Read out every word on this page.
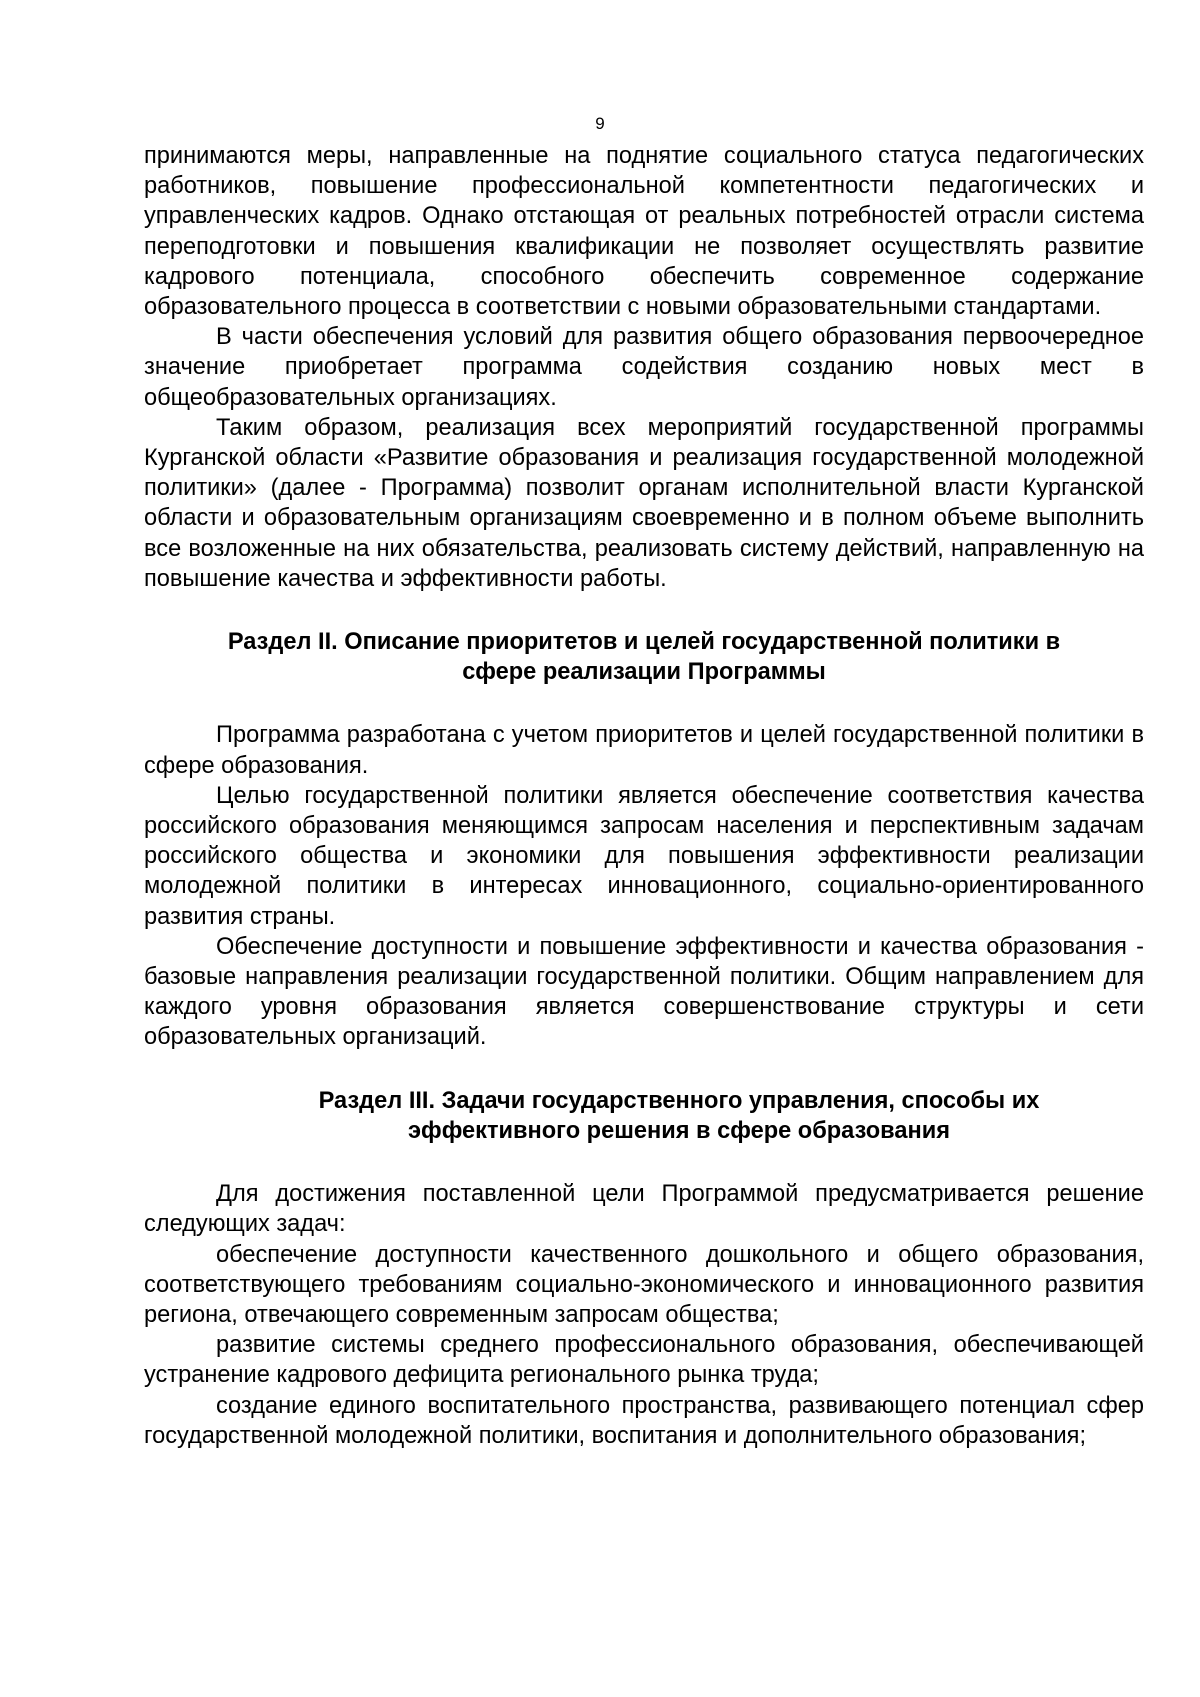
9

принимаются меры, направленные на поднятие социального статуса педагогических работников, повышение профессиональной компетентности педагогических и управленческих кадров. Однако отстающая от реальных потребностей отрасли система переподготовки и повышения квалификации не позволяет осуществлять развитие кадрового потенциала, способного обеспечить современное содержание образовательного процесса в соответствии с новыми образовательными стандартами.

В части обеспечения условий для развития общего образования первоочередное значение приобретает программа содействия созданию новых мест в общеобразовательных организациях.

Таким образом, реализация всех мероприятий государственной программы Курганской области «Развитие образования и реализация государственной молодежной политики» (далее - Программа) позволит органам исполнительной власти Курганской области и образовательным организациям своевременно и в полном объеме выполнить все возложенные на них обязательства, реализовать систему действий, направленную на повышение качества и эффективности работы.

Раздел II. Описание приоритетов и целей государственной политики в
сфере реализации Программы

Программа разработана с учетом приоритетов и целей государственной политики в сфере образования.

Целью государственной политики является обеспечение соответствия качества российского образования меняющимся запросам населения и перспективным задачам российского общества и экономики для повышения эффективности реализации молодежной политики в интересах инновационного, социально-ориентированного развития страны.

Обеспечение доступности и повышение эффективности и качества образования - базовые направления реализации государственной политики. Общим направлением для каждого уровня образования является совершенствование структуры и сети образовательных организаций.

Раздел III. Задачи государственного управления, способы их
эффективного решения в сфере образования

Для достижения поставленной цели Программой предусматривается решение следующих задач:

обеспечение доступности качественного дошкольного и общего образования, соответствующего требованиям социально-экономического и инновационного развития региона, отвечающего современным запросам общества;

развитие системы среднего профессионального образования, обеспечивающей устранение кадрового дефицита регионального рынка труда;

создание единого воспитательного пространства, развивающего потенциал сфер государственной молодежной политики, воспитания и дополнительного образования;
